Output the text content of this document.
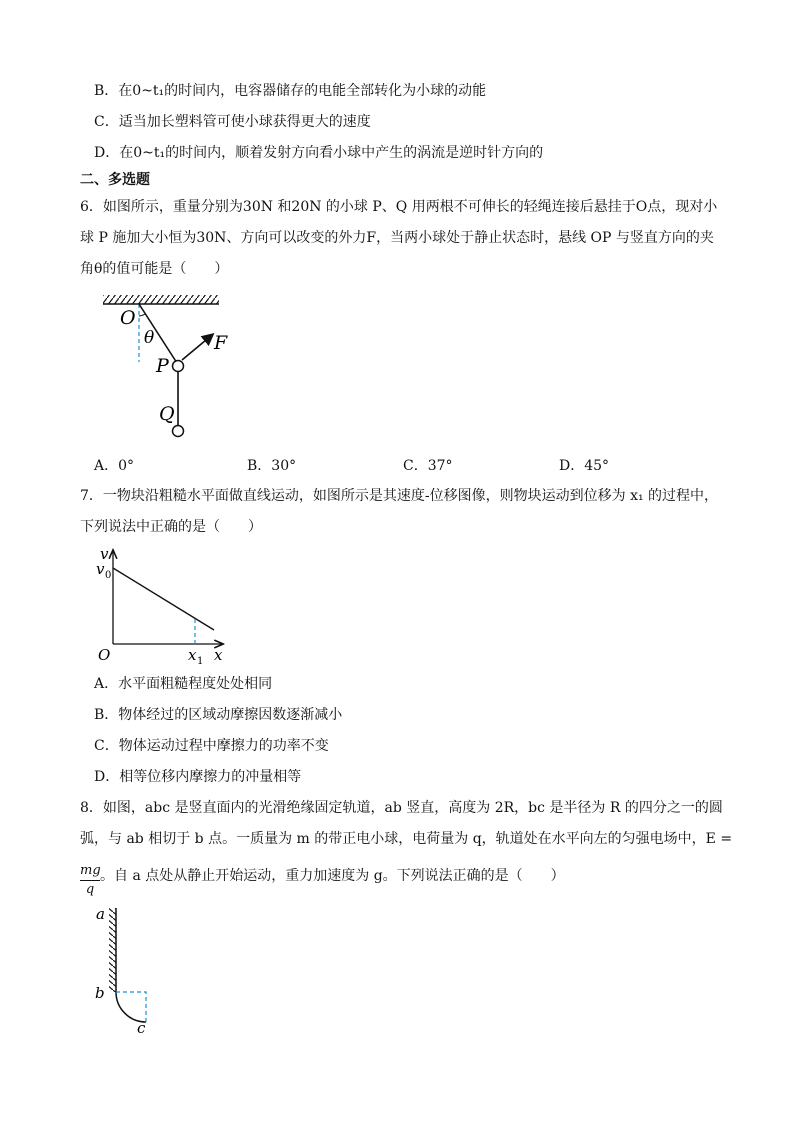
B．在0~t₁的时间内，电容器储存的电能全部转化为小球的动能
C．适当加长塑料管可使小球获得更大的速度
D．在0~t₁的时间内，顺着发射方向看小球中产生的涡流是逆时针方向的
二、多选题
6．如图所示，重量分别为30N 和20N 的小球 P、Q 用两根不可伸长的轻绳连接后悬挂于O点，现对小
球 P 施加大小恒为30N、方向可以改变的外力F，当两小球处于静止状态时，悬线 OP 与竖直方向的夹
角θ的值可能是（　　）
O
θ	F
P
Q
A．0°	B．30°	C．37°	D．45°
7．一物块沿粗糙水平面做直线运动，如图所示是其速度-位移图像，则物块运动到位移为 x₁ 的过程中，
下列说法中正确的是（　　）
v
v 0
O	x 1 x
A．水平面粗糙程度处处相同
B．物体经过的区域动摩擦因数逐渐减小
C．物体运动过程中摩擦力的功率不变
D．相等位移内摩擦力的冲量相等
8．如图，abc 是竖直面内的光滑绝缘固定轨道，ab 竖直，高度为 2R，bc 是半径为 R 的四分之一的圆
弧，与 ab 相切于 b 点。一质量为 m 的带正电小球，电荷量为 q，轨道处在水平向左的匀强电场中，E =
mg
q
。自 a 点处从静止开始运动，重力加速度为 g。下列说法正确的是（　　）
a
b
c
